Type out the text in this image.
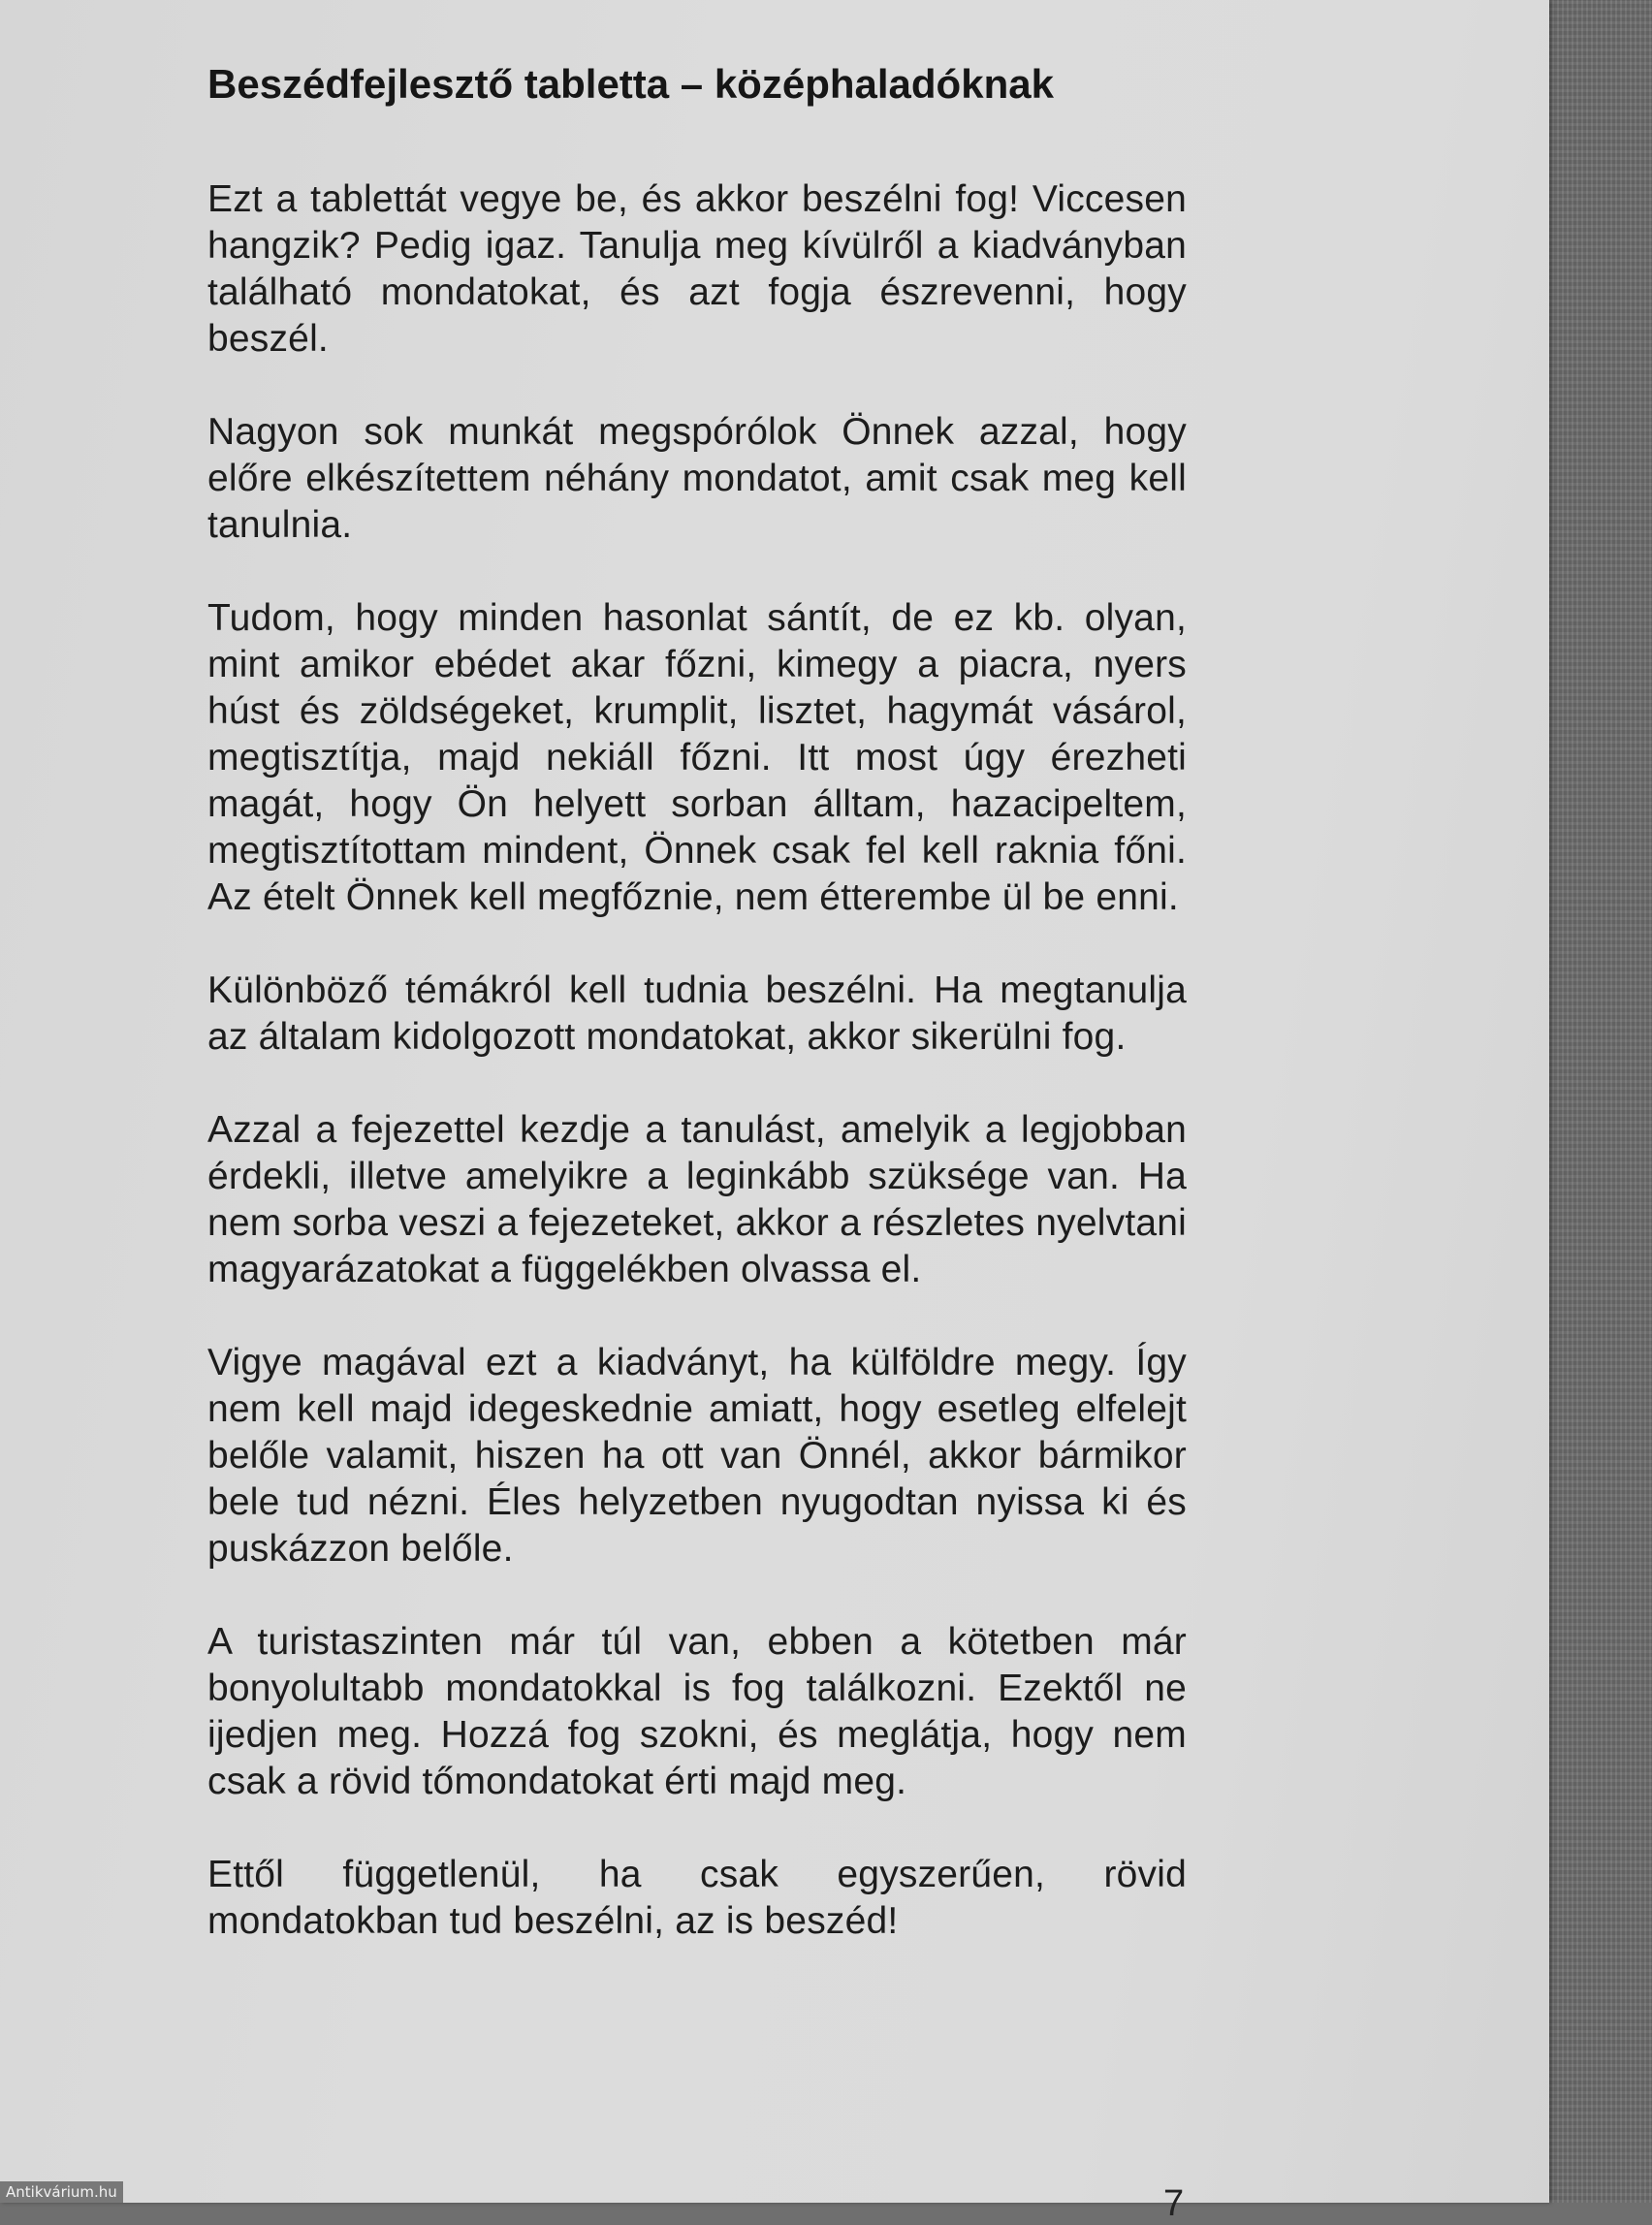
Beszédfejlesztő tabletta – középhaladóknak

Ezt a tablettát vegye be, és akkor beszélni fog! Viccesen hangzik? Pedig igaz. Tanulja meg kívülről a kiadványban található mondatokat, és azt fogja észrevenni, hogy beszél.

Nagyon sok munkát megspórólok Önnek azzal, hogy előre elkészítettem néhány mondatot, amit csak meg kell tanulnia.

Tudom, hogy minden hasonlat sántít, de ez kb. olyan, mint amikor ebédet akar főzni, kimegy a piacra, nyers húst és zöldségeket, krumplit, lisztet, hagymát vásárol, megtisztítja, majd nekiáll főzni. Itt most úgy érezheti magát, hogy Ön helyett sorban álltam, hazacipeltem, megtisztítottam mindent, Önnek csak fel kell raknia főni. Az ételt Önnek kell megfőznie, nem étterembe ül be enni.

Különböző témákról kell tudnia beszélni. Ha megtanulja az általam kidolgozott mondatokat, akkor sikerülni fog.

Azzal a fejezettel kezdje a tanulást, amelyik a legjobban érdekli, illetve amelyikre a leginkább szüksége van. Ha nem sorba veszi a fejezeteket, akkor a részletes nyelvtani magyarázatokat a függelékben olvassa el.

Vigye magával ezt a kiadványt, ha külföldre megy. Így nem kell majd idegeskednie amiatt, hogy esetleg elfelejt belőle valamit, hiszen ha ott van Önnél, akkor bármikor bele tud nézni. Éles helyzetben nyugodtan nyissa ki és puskázzon belőle.

A turistaszinten már túl van, ebben a kötetben már bonyolultabb mondatokkal is fog találkozni. Ezektől ne ijedjen meg. Hozzá fog szokni, és meglátja, hogy nem csak a rövid tőmondatokat érti majd meg.

Ettől függetlenül, ha csak egyszerűen, rövid mondatokban tud beszélni, az is beszéd!

7
Antikvárium.hu
